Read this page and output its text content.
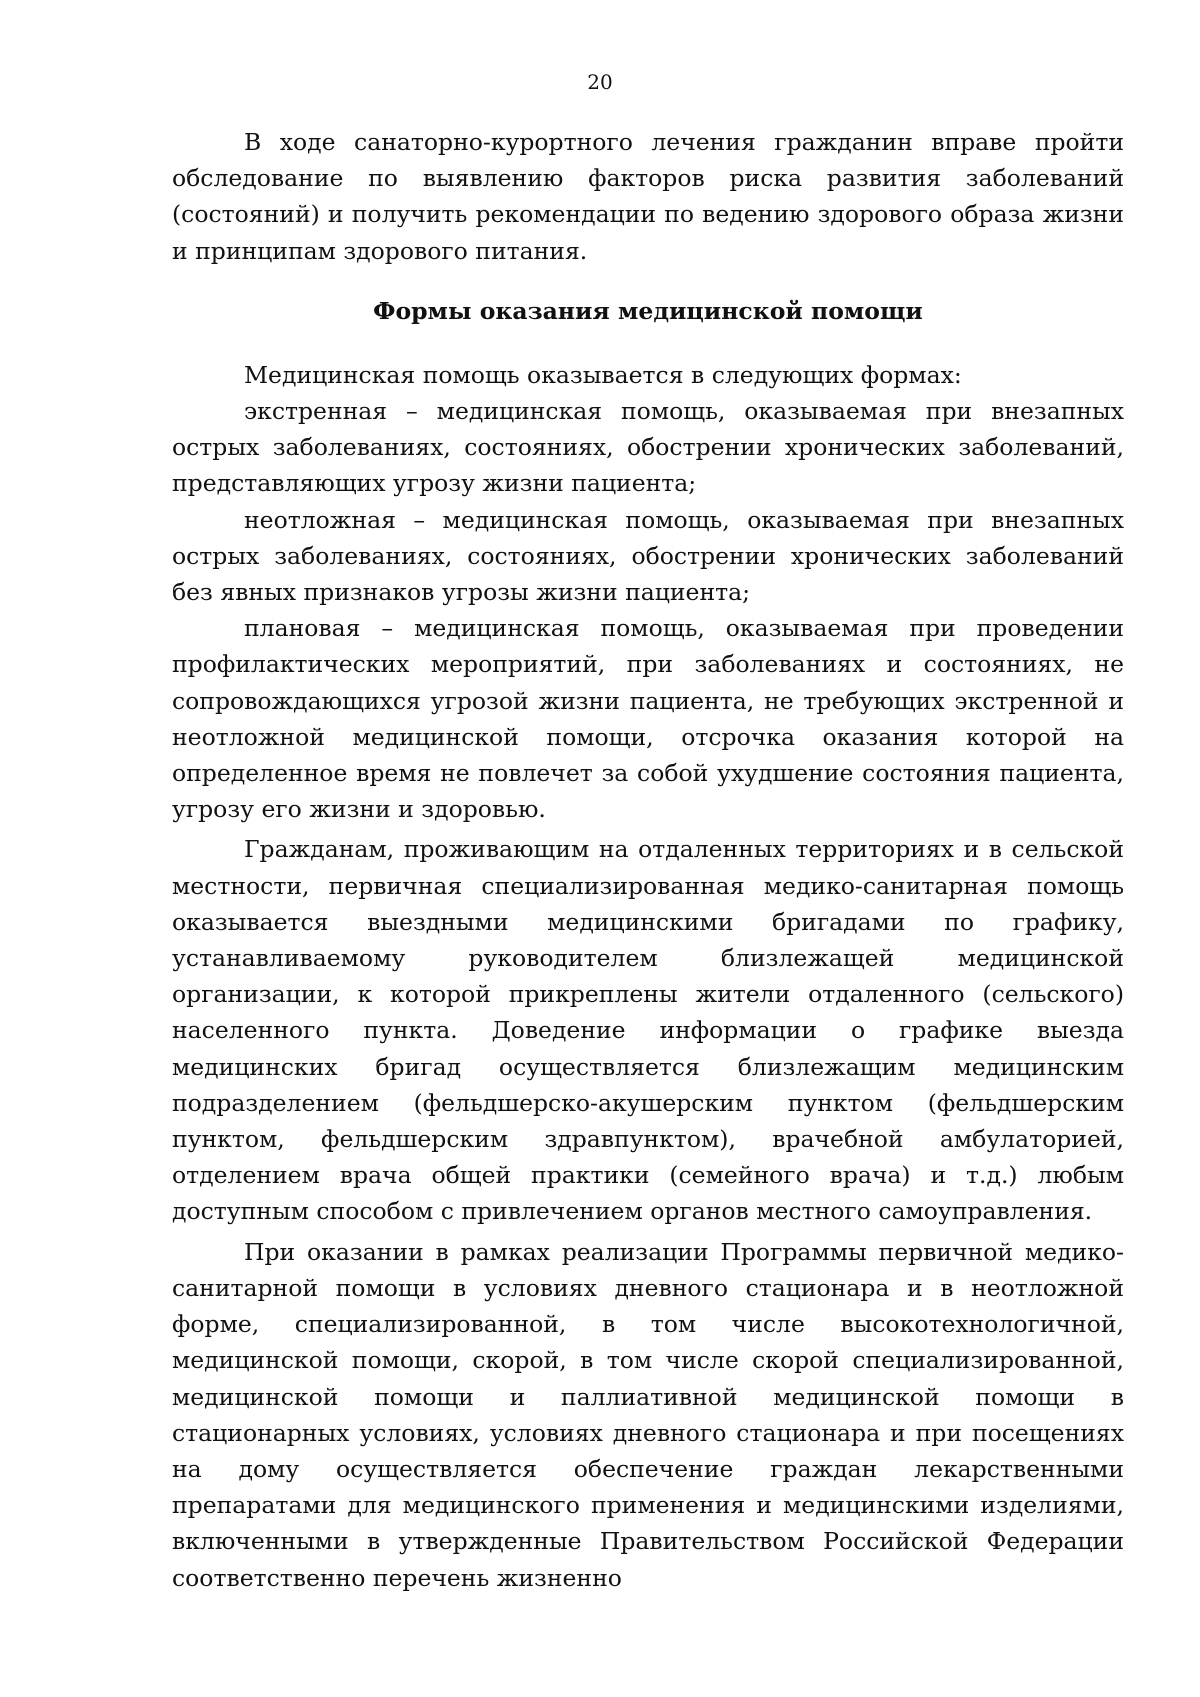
20

В ходе санаторно-курортного лечения гражданин вправе пройти обследование по выявлению факторов риска развития заболеваний (состояний) и получить рекомендации по ведению здорового образа жизни и принципам здорового питания.

Формы оказания медицинской помощи

Медицинская помощь оказывается в следующих формах:

экстренная – медицинская помощь, оказываемая при внезапных острых заболеваниях, состояниях, обострении хронических заболеваний, представляющих угрозу жизни пациента;

неотложная – медицинская помощь, оказываемая при внезапных острых заболеваниях, состояниях, обострении хронических заболеваний без явных признаков угрозы жизни пациента;

плановая – медицинская помощь, оказываемая при проведении профилактических мероприятий, при заболеваниях и состояниях, не сопровождающихся угрозой жизни пациента, не требующих экстренной и неотложной медицинской помощи, отсрочка оказания которой на определенное время не повлечет за собой ухудшение состояния пациента, угрозу его жизни и здоровью.

Гражданам, проживающим на отдаленных территориях и в сельской местности, первичная специализированная медико-санитарная помощь оказывается выездными медицинскими бригадами по графику, устанавливаемому руководителем близлежащей медицинской организации, к которой прикреплены жители отдаленного (сельского) населенного пункта. Доведение информации о графике выезда медицинских бригад осуществляется близлежащим медицинским подразделением (фельдшерско-акушерским пунктом (фельдшерским пунктом, фельдшерским здравпунктом), врачебной амбулаторией, отделением врача общей практики (семейного врача) и т.д.) любым доступным способом с привлечением органов местного самоуправления.

При оказании в рамках реализации Программы первичной медико-санитарной помощи в условиях дневного стационара и в неотложной форме, специализированной, в том числе высокотехнологичной, медицинской помощи, скорой, в том числе скорой специализированной, медицинской помощи и паллиативной медицинской помощи в стационарных условиях, условиях дневного стационара и при посещениях на дому осуществляется обеспечение граждан лекарственными препаратами для медицинского применения и медицинскими изделиями, включенными в утвержденные Правительством Российской Федерации соответственно перечень жизненно
